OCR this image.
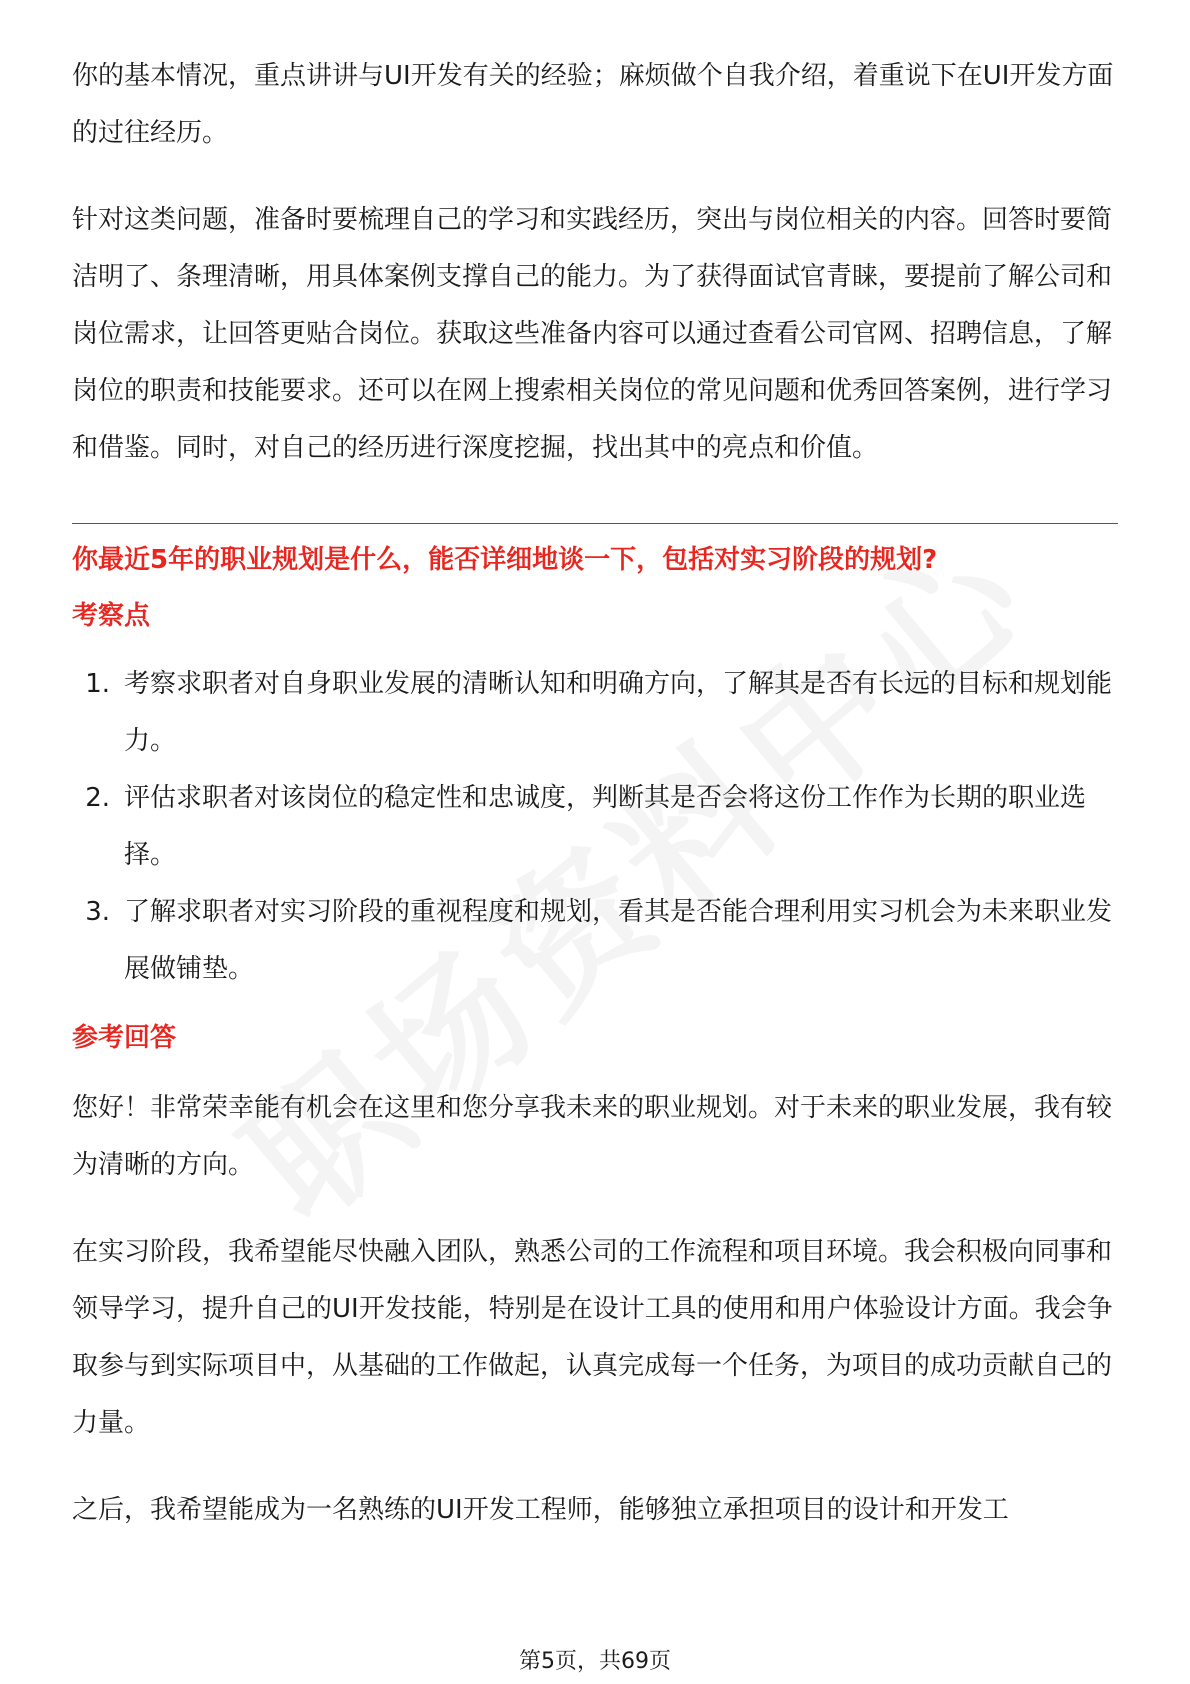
你的基本情况，重点讲讲与UI开发有关的经验；麻烦做个自我介绍，着重说下在UI开发方面的过往经历。

针对这类问题，准备时要梳理自己的学习和实践经历，突出与岗位相关的内容。回答时要简洁明了、条理清晰，用具体案例支撑自己的能力。为了获得面试官青睐，要提前了解公司和岗位需求，让回答更贴合岗位。获取这些准备内容可以通过查看公司官网、招聘信息，了解岗位的职责和技能要求。还可以在网上搜索相关岗位的常见问题和优秀回答案例，进行学习和借鉴。同时，对自己的经历进行深度挖掘，找出其中的亮点和价值。

你最近5年的职业规划是什么，能否详细地谈一下，包括对实习阶段的规划?

考察点

1. 考察求职者对自身职业发展的清晰认知和明确方向，了解其是否有长远的目标和规划能力。
2. 评估求职者对该岗位的稳定性和忠诚度，判断其是否会将这份工作作为长期的职业选择。
3. 了解求职者对实习阶段的重视程度和规划，看其是否能合理利用实习机会为未来职业发展做铺垫。

参考回答

您好！非常荣幸能有机会在这里和您分享我未来的职业规划。对于未来的职业发展，我有较为清晰的方向。

在实习阶段，我希望能尽快融入团队，熟悉公司的工作流程和项目环境。我会积极向同事和领导学习，提升自己的UI开发技能，特别是在设计工具的使用和用户体验设计方面。我会争取参与到实际项目中，从基础的工作做起，认真完成每一个任务，为项目的成功贡献自己的力量。

之后，我希望能成为一名熟练的UI开发工程师，能够独立承担项目的设计和开发工

第5页，共69页
